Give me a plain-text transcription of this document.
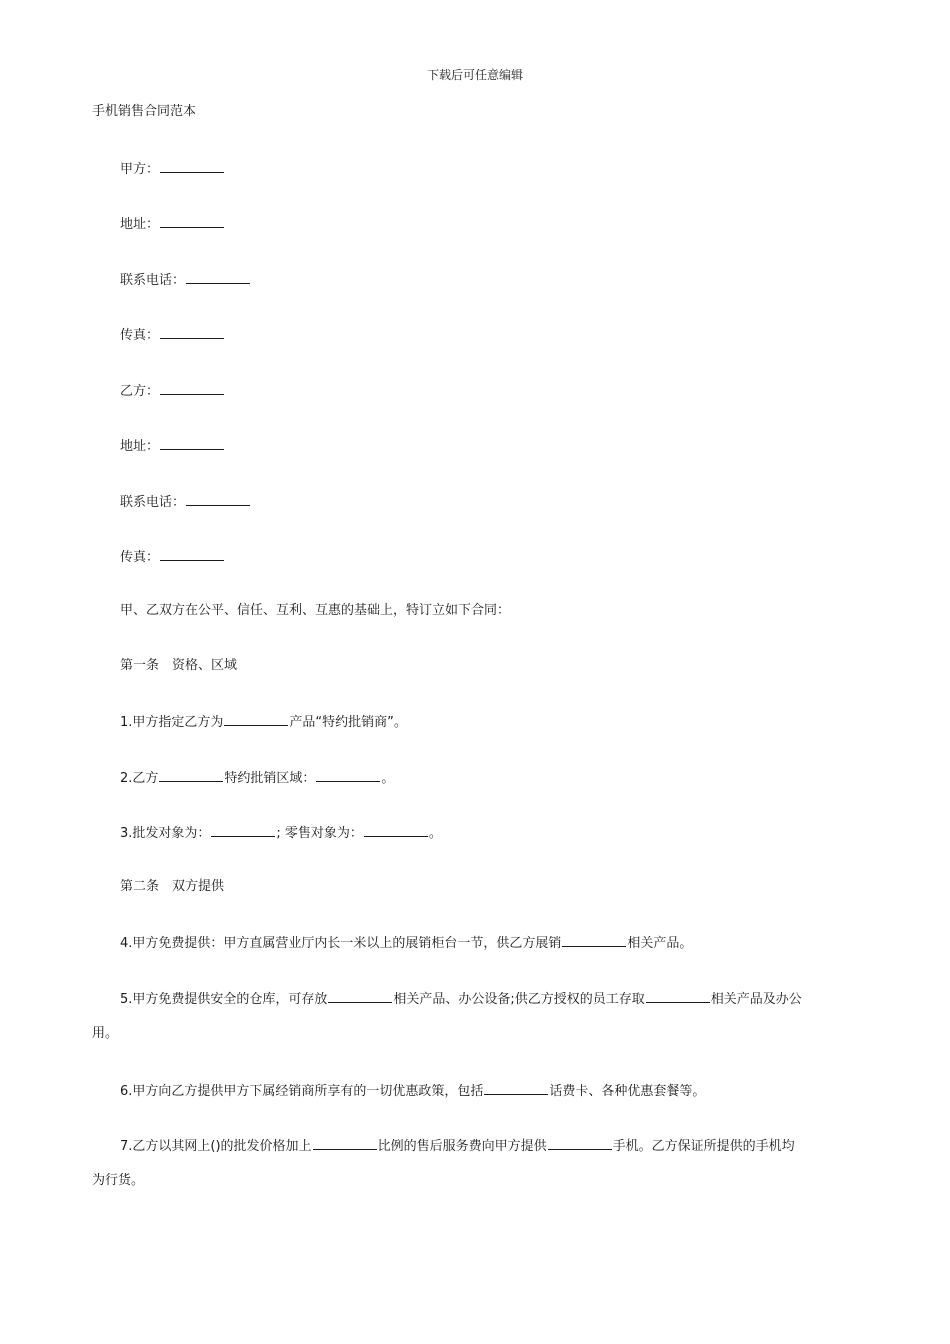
下载后可任意编辑
手机销售合同范本
甲方：
地址：
联系电话：
传真：
乙方：
地址：
联系电话：
传真：
甲、乙双方在公平、信任、互利、互惠的基础上，特订立如下合同：
第一条　资格、区域
1.甲方指定乙方为	产品“特约批销商”。
2.乙方	特约批销区域：	。
3.批发对象为：	; 零售对象为：	。
第二条　双方提供
4.甲方免费提供：甲方直属营业厅内长一米以上的展销柜台一节，供乙方展销	相关产品。
5.甲方免费提供安全的仓库，可存放	相关产品、办公设备;供乙方授权的员工存取	相关产品及办公
用。
6.甲方向乙方提供甲方下属经销商所享有的一切优惠政策，包括	话费卡、各种优惠套餐等。
7.乙方以其网上()的批发价格加上	比例的售后服务费向甲方提供	手机。乙方保证所提供的手机均
为行货。
